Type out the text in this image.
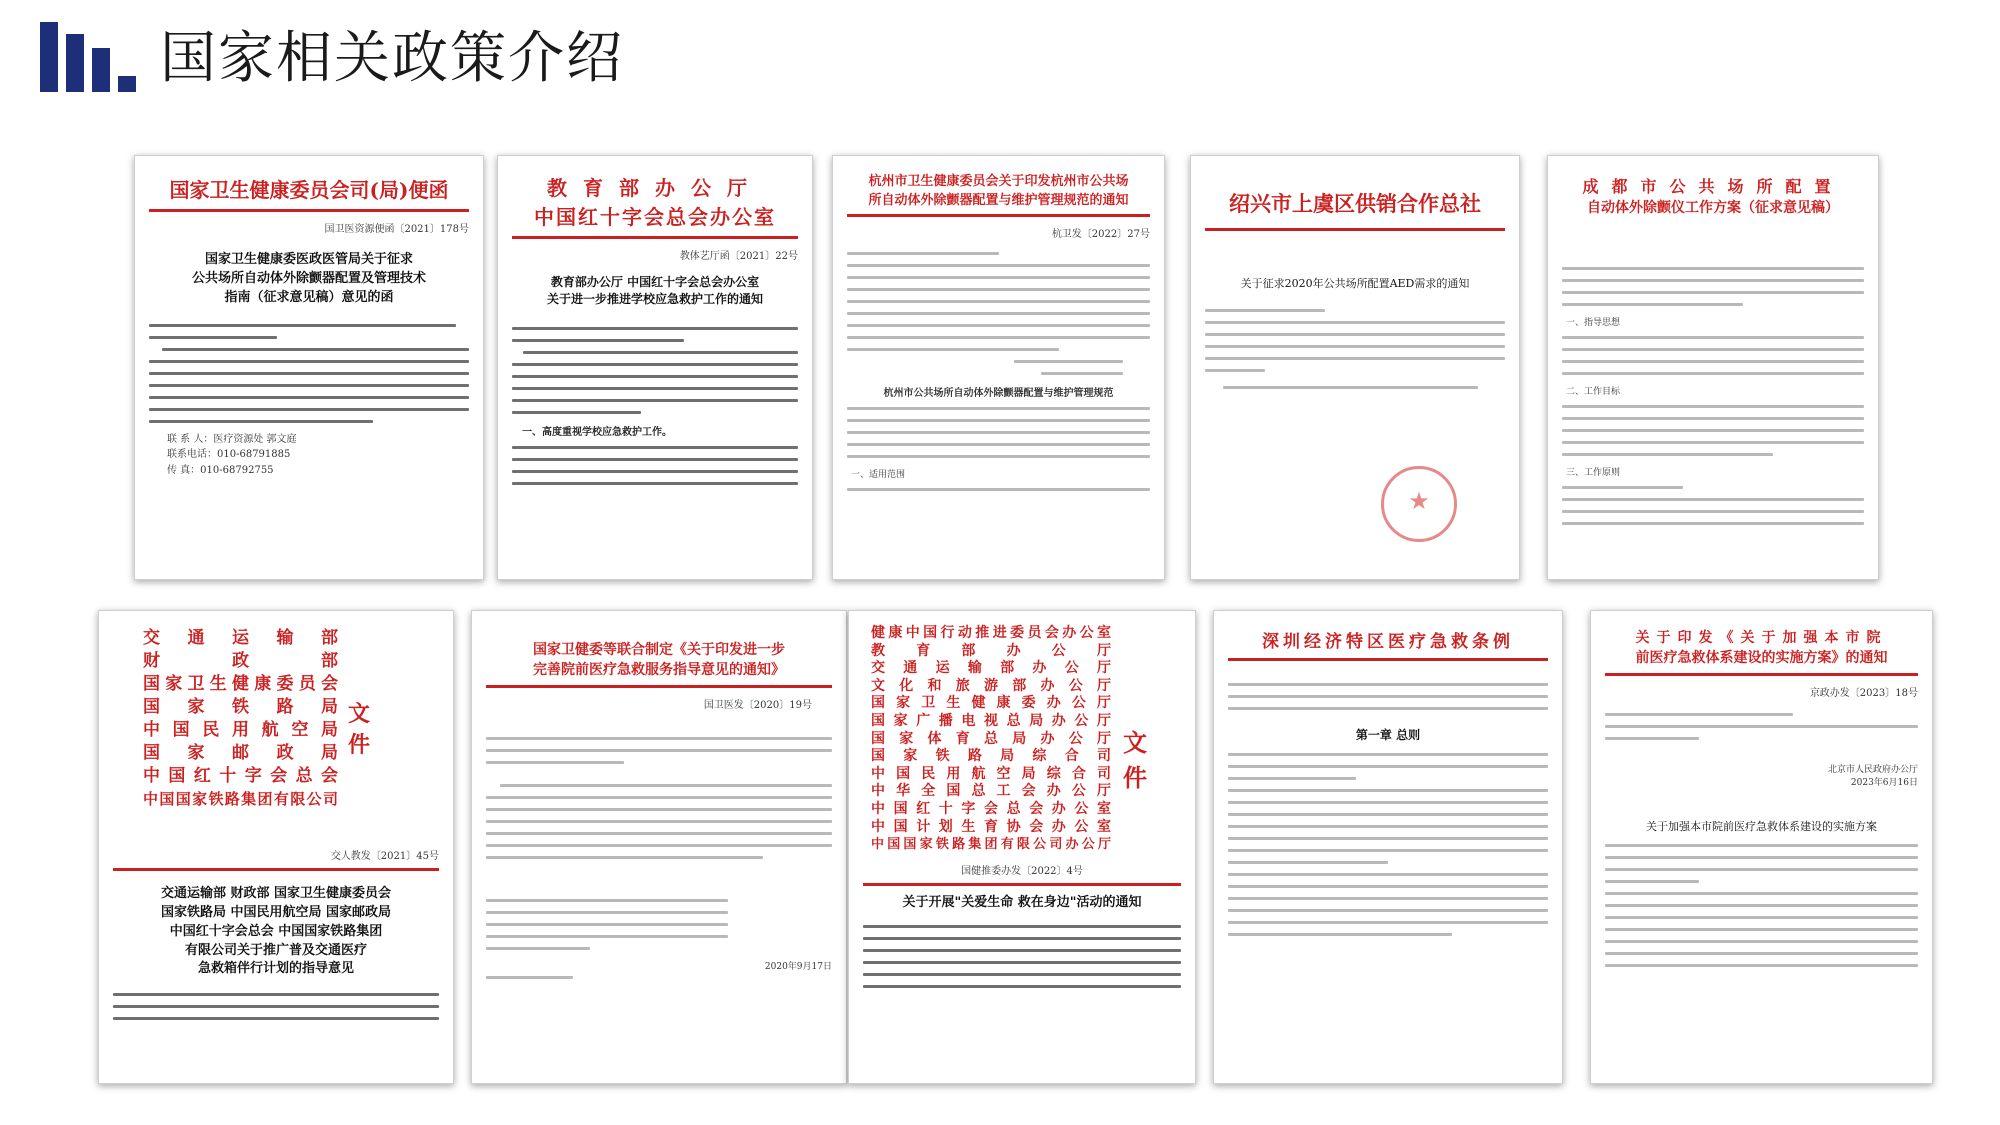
国家相关政策介绍
国家卫生健康委员会司(局)便函
国卫医资源便函〔2021〕178号
国家卫生健康委医政医管局关于征求
公共场所自动体外除颤器配置及管理技术
指南（征求意见稿）意见的函
联 系 人：医疗资源处 郭文庭
联系电话：010-68791885
传 真：010-68792755
教育部办公厅
中国红十字会总会办公室
教体艺厅函〔2021〕22号
教育部办公厅 中国红十字会总会办公室
关于进一步推进学校应急救护工作的通知
一、高度重视学校应急救护工作。
杭州市卫生健康委员会关于印发杭州市公共场
所自动体外除颤器配置与维护管理规范的通知
杭卫发〔2022〕27号
杭州市公共场所自动体外除颤器配置与维护管理规范
一、适用范围
绍兴市上虞区供销合作总社
关于征求2020年公共场所配置AED需求的通知
★
成都市公共场所配置
自动体外除颤仪工作方案（征求意见稿）
一、指导思想
二、工作目标
三、工作原则
交通运输部
财政部
国家卫生健康委员会
国家铁路局
中国民用航空局
国家邮政局
中国红十字会总会
中国国家铁路集团有限公司
文件
交人教发〔2021〕45号
交通运输部 财政部 国家卫生健康委员会
国家铁路局 中国民用航空局 国家邮政局
中国红十字会总会 中国国家铁路集团
有限公司关于推广普及交通医疗
急救箱伴行计划的指导意见
国家卫健委等联合制定《关于印发进一步
完善院前医疗急救服务指导意见的通知》
国卫医发〔2020〕19号
2020年9月17日
健康中国行动推进委员会办公室
教育部办公厅
交通运输部办公厅
文化和旅游部办公厅
国家卫生健康委办公厅
国家广播电视总局办公厅
国家体育总局办公厅
国家铁路局综合司
中国民用航空局综合司
中华全国总工会办公厅
中国红十字会总会办公室
中国计划生育协会办公室
中国国家铁路集团有限公司办公厅
文件
国健推委办发〔2022〕4号
关于开展"关爱生命 救在身边"活动的通知
深圳经济特区医疗急救条例
第一章 总则
关于印发《关于加强本市院
前医疗急救体系建设的实施方案》的通知
京政办发〔2023〕18号
北京市人民政府办公厅
2023年6月16日
关于加强本市院前医疗急救体系建设的实施方案
